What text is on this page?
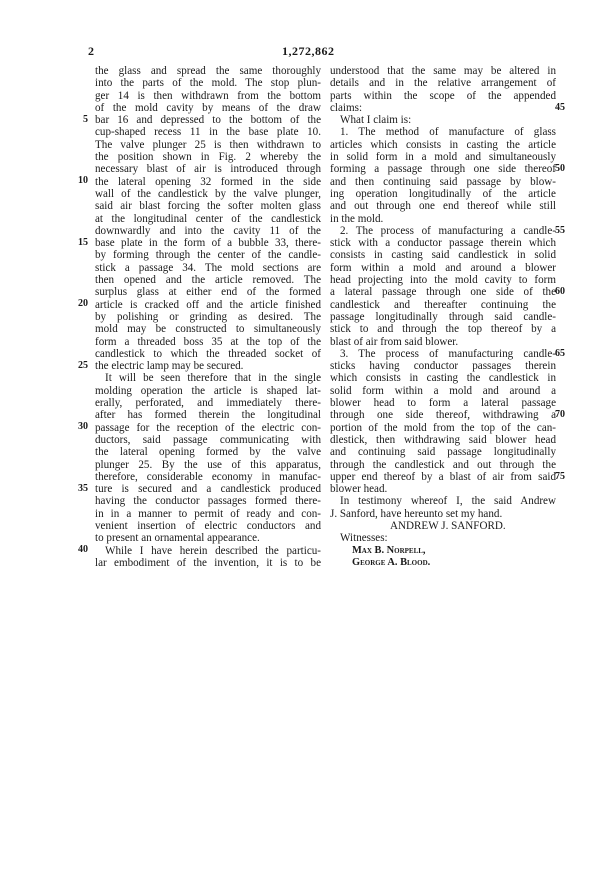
2	1,272,862
5
10
15
20
25
30
35
40
45
50
55
60
65
70
75
the glass and spread the same thoroughly
into the parts of the mold. The stop plun-
ger 14 is then withdrawn from the bottom
of the mold cavity by means of the draw
bar 16 and depressed to the bottom of the
cup-shaped recess 11 in the base plate 10.
The valve plunger 25 is then withdrawn to
the position shown in Fig. 2 whereby the
necessary blast of air is introduced through
the lateral opening 32 formed in the side
wall of the candlestick by the valve plunger,
said air blast forcing the softer molten glass
at the longitudinal center of the candlestick
downwardly and into the cavity 11 of the
base plate in the form of a bubble 33, there-
by forming through the center of the candle-
stick a passage 34. The mold sections are
then opened and the article removed. The
surplus glass at either end of the formed
article is cracked off and the article finished
by polishing or grinding as desired. The
mold may be constructed to simultaneously
form a threaded boss 35 at the top of the
candlestick to which the threaded socket of
the electric lamp may be secured.
It will be seen therefore that in the single
molding operation the article is shaped lat-
erally, perforated, and immediately there-
after has formed therein the longitudinal
passage for the reception of the electric con-
ductors, said passage communicating with
the lateral opening formed by the valve
plunger 25. By the use of this apparatus,
therefore, considerable economy in manufac-
ture is secured and a candlestick produced
having the conductor passages formed there-
in in a manner to permit of ready and con-
venient insertion of electric conductors and
to present an ornamental appearance.
While I have herein described the particu-
lar embodiment of the invention, it is to be
understood that the same may be altered in
details and in the relative arrangement of
parts within the scope of the appended
claims:
What I claim is:
1. The method of manufacture of glass
articles which consists in casting the article
in solid form in a mold and simultaneously
forming a passage through one side thereof
and then continuing said passage by blow-
ing operation longitudinally of the article
and out through one end thereof while still
in the mold.
2. The process of manufacturing a candle-
stick with a conductor passage therein which
consists in casting said candlestick in solid
form within a mold and around a blower
head projecting into the mold cavity to form
a lateral passage through one side of the
candlestick and thereafter continuing the
passage longitudinally through said candle-
stick to and through the top thereof by a
blast of air from said blower.
3. The process of manufacturing candle-
sticks having conductor passages therein
which consists in casting the candlestick in
solid form within a mold and around a
blower head to form a lateral passage
through one side thereof, withdrawing a
portion of the mold from the top of the can-
dlestick, then withdrawing said blower head
and continuing said passage longitudinally
through the candlestick and out through the
upper end thereof by a blast of air from said
blower head.
In testimony whereof I, the said Andrew
J. Sanford, have hereunto set my hand.
ANDREW J. SANFORD.
Witnesses:
Max B. Norpell,
George A. Blood.
